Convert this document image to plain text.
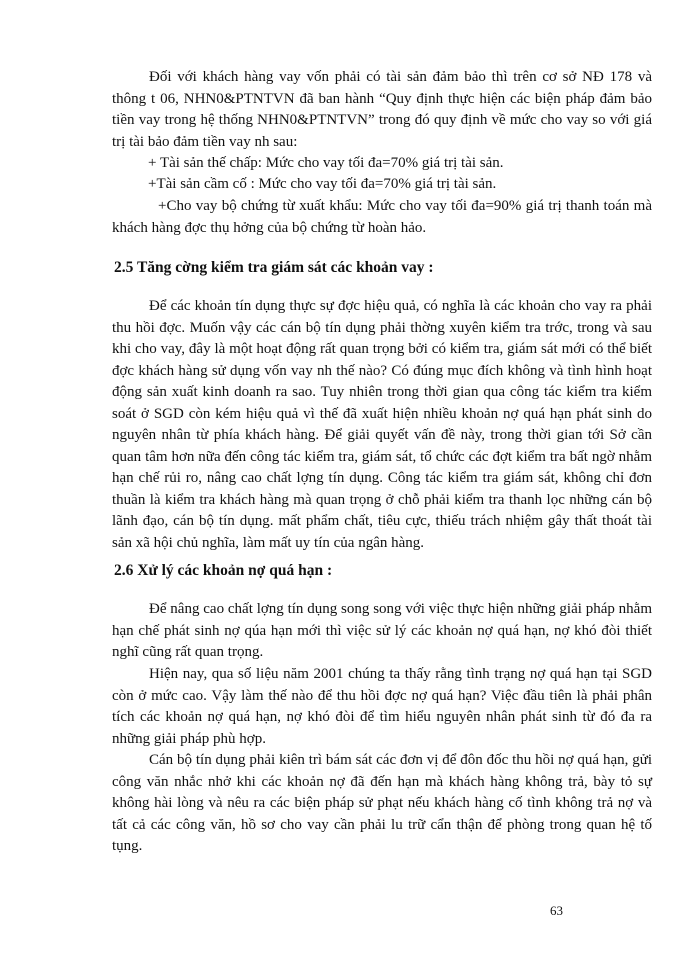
Đối với khách hàng vay vốn phải có tài sản đảm bảo thì trên cơ sở NĐ 178 và thông t 06, NHN0&PTNTVN đã ban hành “Quy định thực hiện các biện pháp đảm bảo tiền vay trong hệ thống NHN0&PTNTVN” trong đó quy định về mức cho vay so với giá trị tài bảo đảm tiền vay nh sau:

+ Tài sản thế chấp: Mức cho vay tối đa=70% giá trị tài sản.

+Tài sản cầm cố : Mức cho vay tối đa=70% giá trị tài sản.

+Cho vay bộ chứng từ xuất khẩu: Mức cho vay tối đa=90% giá trị thanh toán mà khách hàng đợc thụ hởng của bộ chứng từ hoàn hảo.

2.5 Tăng cờng kiểm tra giám sát các khoản vay :

Để các khoản tín dụng thực sự đợc hiệu quả, có nghĩa là các khoản cho vay ra phải thu hồi đợc. Muốn vậy các cán bộ tín dụng phải thờng xuyên kiểm tra trớc, trong và sau khi cho vay, đây là một hoạt động rất quan trọng bởi có kiểm tra, giám sát mới có thể biết đợc khách hàng sử dụng vốn vay nh thế nào? Có đúng mục đích không và tình hình hoạt động sản xuất kinh doanh ra sao. Tuy nhiên trong thời gian qua công tác kiểm tra kiểm soát ở SGD còn kém hiệu quả vì thế đã xuất hiện nhiều khoản nợ quá hạn phát sinh do nguyên nhân từ phía khách hàng. Để giải quyết vấn đề này, trong thời gian tới Sở cần quan tâm hơn nữa đến công tác kiểm tra, giám sát, tổ chức các đợt kiểm tra bất ngờ nhằm hạn chế rủi ro, nâng cao chất lợng tín dụng. Công tác kiểm tra giám sát, không chỉ đơn thuần là kiểm tra khách hàng mà quan trọng ở chỗ phải kiểm tra thanh lọc những cán bộ lãnh đạo, cán bộ tín dụng. mất phẩm chất, tiêu cực, thiếu trách nhiệm gây thất thoát tài sản xã hội chủ nghĩa, làm mất uy tín của ngân hàng.

2.6 Xử lý các khoản nợ quá hạn :

Để nâng cao chất lợng tín dụng song song với việc thực hiện những giải pháp nhằm hạn chế phát sinh nợ qúa hạn mới thì việc sử lý các khoản nợ quá hạn, nợ khó đòi thiết nghĩ cũng rất quan trọng.

Hiện nay, qua số liệu năm 2001 chúng ta thấy rằng tình trạng nợ quá hạn tại SGD còn ở mức cao. Vậy làm thế nào để thu hồi đợc nợ quá hạn? Việc đầu tiên là phải phân tích các khoản nợ quá hạn, nợ khó đòi để tìm hiểu nguyên nhân phát sinh từ đó đa ra những giải pháp phù hợp.

Cán bộ tín dụng phải kiên trì bám sát các đơn vị để đôn đốc thu hồi nợ quá hạn, gửi công văn nhắc nhở khi các khoản nợ đã đến hạn mà khách hàng không trả, bày tỏ sự không hài lòng và nêu ra các biện pháp sử phạt nếu khách hàng cố tình không trả nợ và tất cả các công văn, hồ sơ cho vay cần phải lu trữ cẩn thận để phòng trong quan hệ tố tụng.

63
